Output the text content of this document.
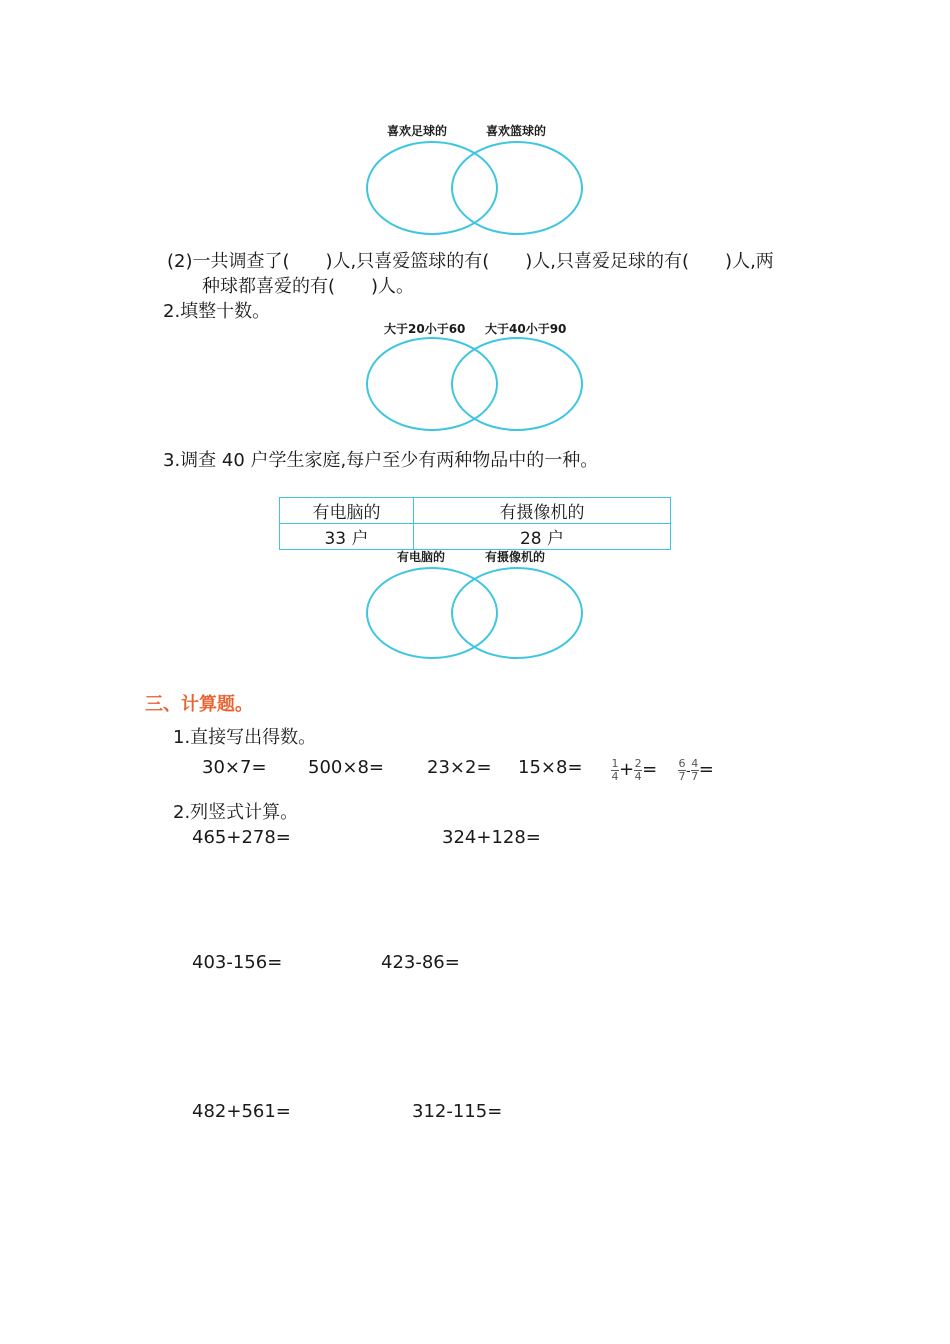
喜欢足球的	喜欢篮球的
(2)一共调查了(　　)人,只喜爱篮球的有(　　)人,只喜爱足球的有(　　)人,两
种球都喜爱的有(　　)人。
2.填整十数。
大于20小于60 大于40小于90
3.调查 40 户学生家庭,每户至少有两种物品中的一种。
有电脑的	有摄像机的
33 户	28 户
有电脑的	有摄像机的
三、计算题。
1.直接写出得数。
30×7= 500×8= 23×2= 15×8=	$\frac{1}{4} + \frac{2}{4} = \frac{6}{7} - \frac{4}{7}$ =
2.列竖式计算。
465+278=	324+128=
403-156=	423-86=
482+561=	312-115=
